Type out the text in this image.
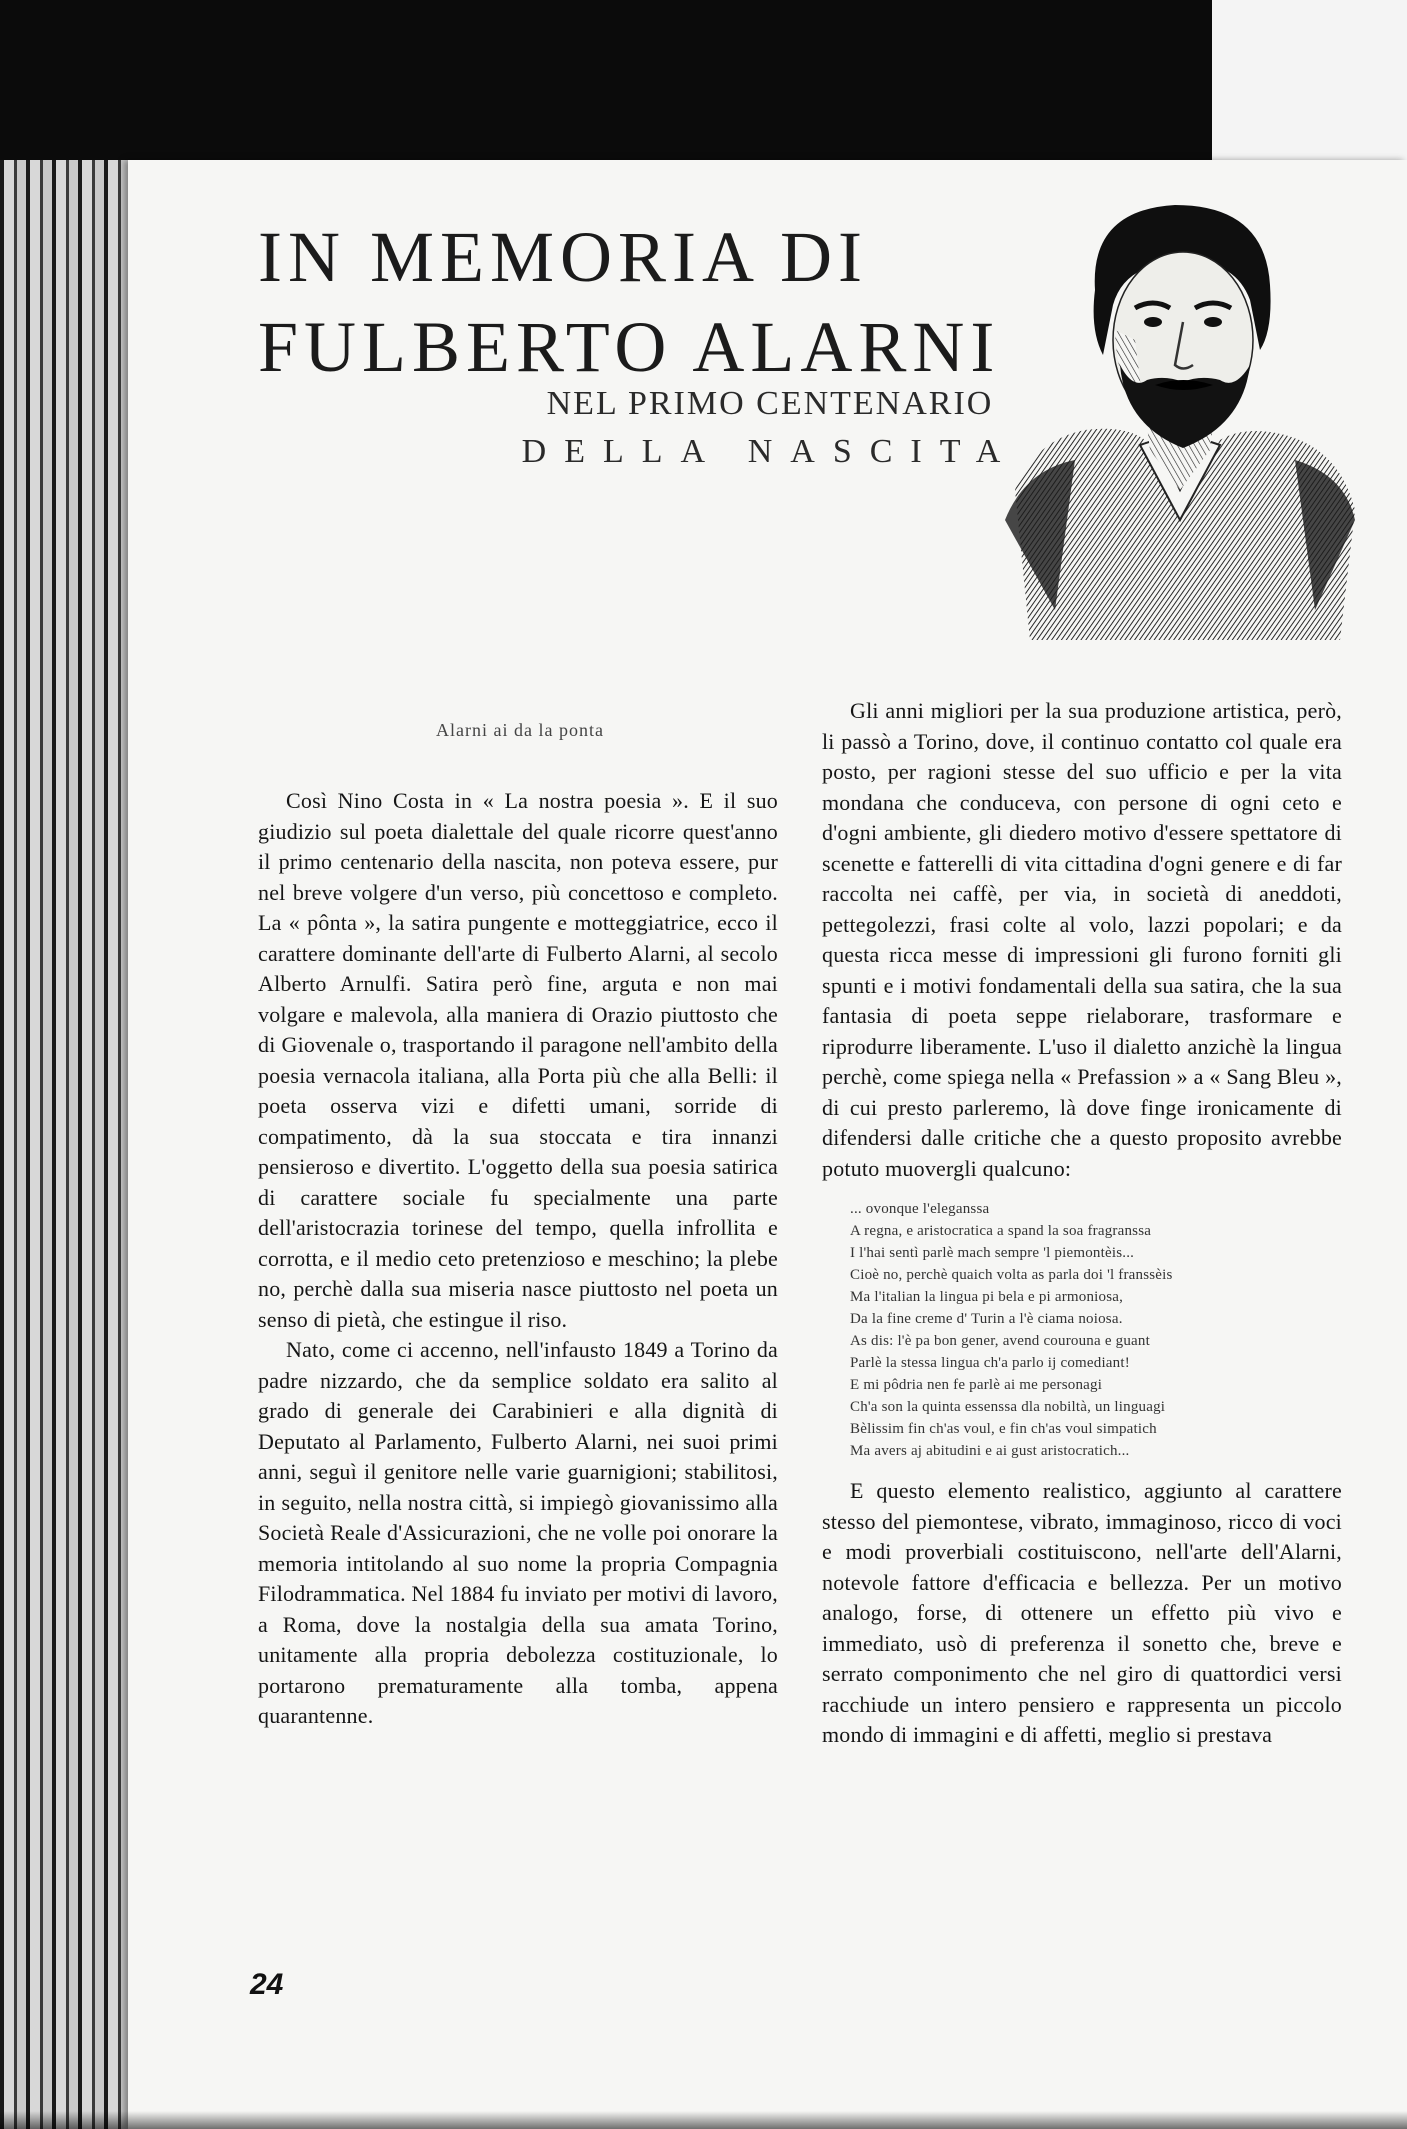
IN MEMORIA DI
FULBERTO ALARNI
NEL PRIMO CENTENARIO
DELLA NASCITA
Alarni ai da la ponta

Così Nino Costa in « La nostra poesia ». E il suo giudizio sul poeta dialettale del quale ricorre quest'anno il primo centenario della nascita, non poteva essere, pur nel breve volgere d'un verso, più concettoso e completo. La « pônta », la satira pungente e motteggiatrice, ecco il carattere dominante dell'arte di Fulberto Alarni, al secolo Alberto Arnulfi. Satira però fine, arguta e non mai volgare e malevola, alla maniera di Orazio piuttosto che di Giovenale o, trasportando il paragone nell'ambito della poesia vernacola italiana, alla Porta più che alla Belli: il poeta osserva vizi e difetti umani, sorride di compatimento, dà la sua stoccata e tira innanzi pensieroso e divertito. L'oggetto della sua poesia satirica di carattere sociale fu specialmente una parte dell'aristocrazia torinese del tempo, quella infrollita e corrotta, e il medio ceto pretenzioso e meschino; la plebe no, perchè dalla sua miseria nasce piuttosto nel poeta un senso di pietà, che estingue il riso.

Nato, come ci accenno, nell'infausto 1849 a Torino da padre nizzardo, che da semplice soldato era salito al grado di generale dei Carabinieri e alla dignità di Deputato al Parlamento, Fulberto Alarni, nei suoi primi anni, seguì il genitore nelle varie guarnigioni; stabilitosi, in seguito, nella nostra città, si impiegò giovanissimo alla Società Reale d'Assicurazioni, che ne volle poi onorare la memoria intitolando al suo nome la propria Compagnia Filodrammatica. Nel 1884 fu inviato per motivi di lavoro, a Roma, dove la nostalgia della sua amata Torino, unitamente alla propria debolezza costituzionale, lo portarono prematuramente alla tomba, appena quarantenne.

Gli anni migliori per la sua produzione artistica, però, li passò a Torino, dove, il continuo contatto col quale era posto, per ragioni stesse del suo ufficio e per la vita mondana che conduceva, con persone di ogni ceto e d'ogni ambiente, gli diedero motivo d'essere spettatore di scenette e fatterelli di vita cittadina d'ogni genere e di far raccolta nei caffè, per via, in società di aneddoti, pettegolezzi, frasi colte al volo, lazzi popolari; e da questa ricca messe di impressioni gli furono forniti gli spunti e i motivi fondamentali della sua satira, che la sua fantasia di poeta seppe rielaborare, trasformare e riprodurre liberamente. L'uso il dialetto anzichè la lingua perchè, come spiega nella « Prefassion » a « Sang Bleu », di cui presto parleremo, là dove finge ironicamente di difendersi dalle critiche che a questo proposito avrebbe potuto muovergli qualcuno:

... ovonque l'eleganssa
A regna, e aristocratica a spand la soa fragranssa
I l'hai sentì parlè mach sempre 'l piemontèis...
Cioè no, perchè quaich volta as parla doi 'l franssèis
Ma l'italian la lingua pi bela e pi armoniosa,
Da la fine creme d' Turin a l'è ciama noiosa.
As dis: l'è pa bon gener, avend courouna e guant
Parlè la stessa lingua ch'a parlo ij comediant!
E mi pôdria nen fe parlè ai me personagi
Ch'a son la quinta essenssa dla nobiltà, un linguagi
Bèlissim fin ch'as voul, e fin ch'as voul simpatich
Ma avers aj abitudini e ai gust aristocratich...

E questo elemento realistico, aggiunto al carattere stesso del piemontese, vibrato, immaginoso, ricco di voci e modi proverbiali costituiscono, nell'arte dell'Alarni, notevole fattore d'efficacia e bellezza. Per un motivo analogo, forse, di ottenere un effetto più vivo e immediato, usò di preferenza il sonetto che, breve e serrato componimento che nel giro di quattordici versi racchiude un intero pensiero e rappresenta un piccolo mondo di immagini e di affetti, meglio si prestava

24
